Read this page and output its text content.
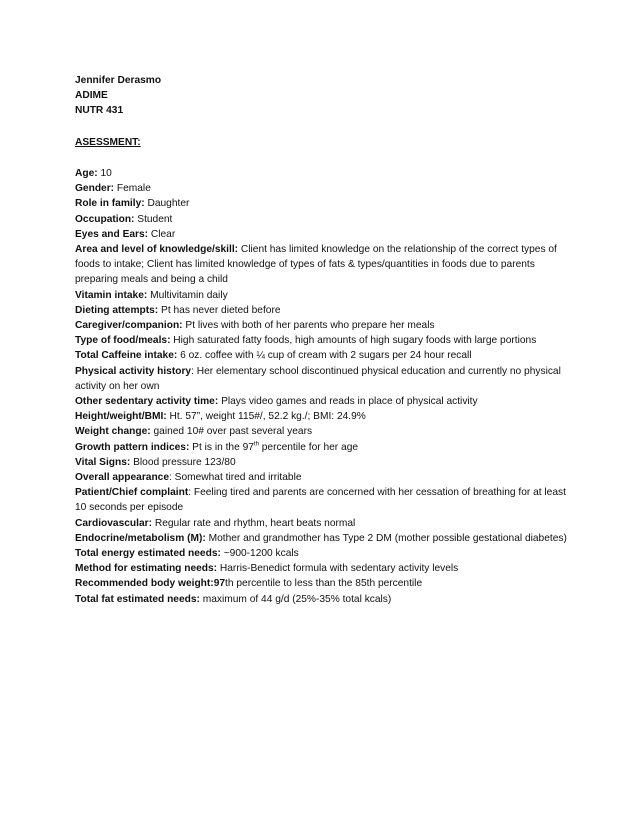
Jennifer Derasmo
ADIME
NUTR 431
ASESSMENT:
Age: 10
Gender: Female
Role in family: Daughter
Occupation: Student
Eyes and Ears: Clear
Area and level of knowledge/skill: Client has limited knowledge on the relationship of the correct types of foods to intake; Client has limited knowledge of types of fats & types/quantities in foods due to parents preparing meals and being a child
Vitamin intake: Multivitamin daily
Dieting attempts: Pt has never dieted before
Caregiver/companion: Pt lives with both of her parents who prepare her meals
Type of food/meals: High saturated fatty foods, high amounts of high sugary foods with large portions
Total Caffeine intake: 6 oz. coffee with ¼ cup of cream with 2 sugars per 24 hour recall
Physical activity history: Her elementary school discontinued physical education and currently no physical activity on her own
Other sedentary activity time: Plays video games and reads in place of physical activity
Height/weight/BMI: Ht. 57”, weight 115#/, 52.2 kg./; BMI: 24.9%
Weight change: gained 10# over past several years
Growth pattern indices: Pt is in the 97th percentile for her age
Vital Signs: Blood pressure 123/80
Overall appearance: Somewhat tired and irritable
Patient/Chief complaint: Feeling tired and parents are concerned with her cessation of breathing for at least 10 seconds per episode
Cardiovascular: Regular rate and rhythm, heart beats normal
Endocrine/metabolism (M): Mother and grandmother has Type 2 DM (mother possible gestational diabetes)
Total energy estimated needs: ~900-1200 kcals
Method for estimating needs: Harris-Benedict formula with sedentary activity levels
Recommended body weight:97th percentile to less than the 85th percentile
Total fat estimated needs: maximum of 44 g/d (25%-35% total kcals)
